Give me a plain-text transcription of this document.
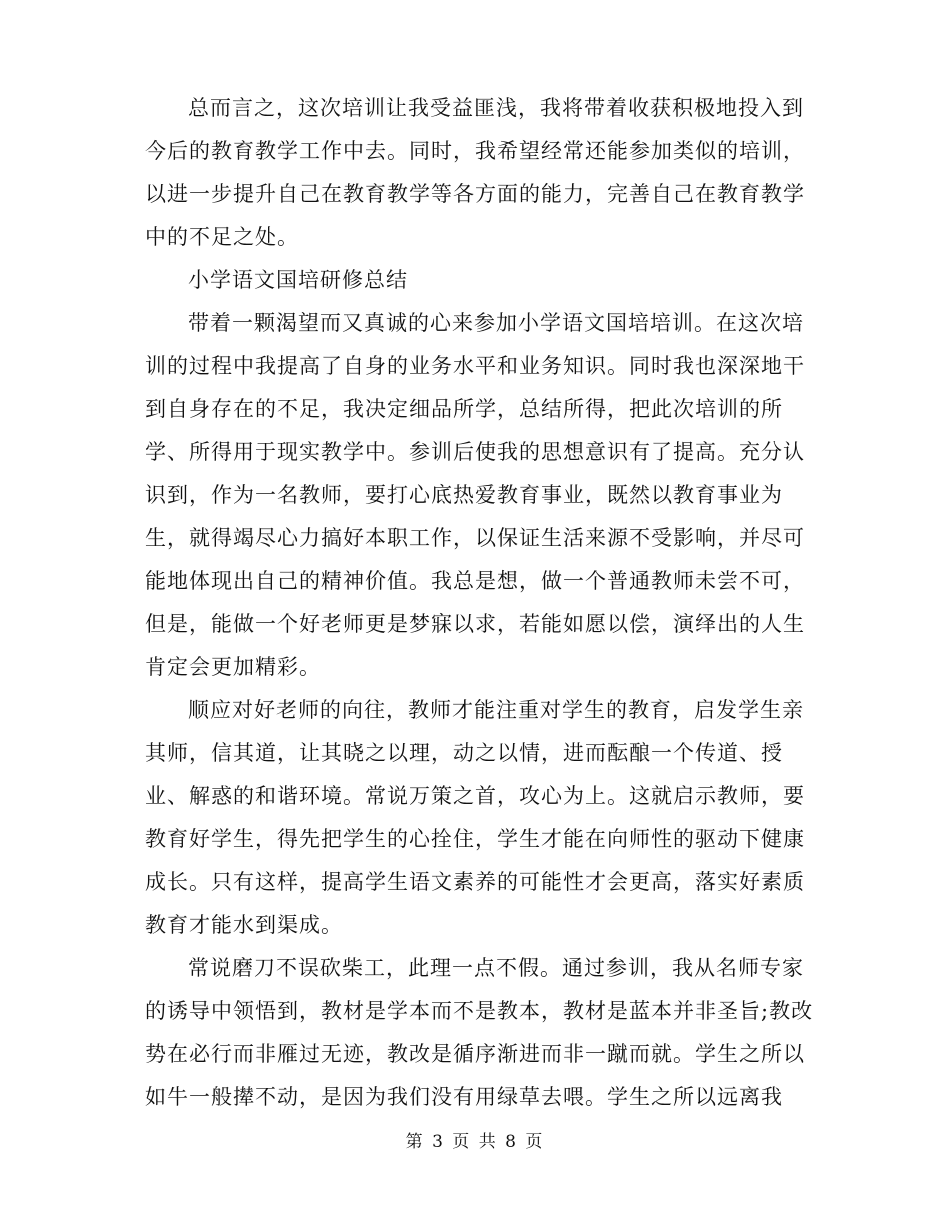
总而言之，这次培训让我受益匪浅，我将带着收获积极地投入到
今后的教育教学工作中去。同时，我希望经常还能参加类似的培训，
以进一步提升自己在教育教学等各方面的能力，完善自己在教育教学
中的不足之处。
小学语文国培研修总结
带着一颗渴望而又真诚的心来参加小学语文国培培训。在这次培
训的过程中我提高了自身的业务水平和业务知识。同时我也深深地干
到自身存在的不足，我决定细品所学，总结所得，把此次培训的所
学、所得用于现实教学中。参训后使我的思想意识有了提高。充分认
识到，作为一名教师，要打心底热爱教育事业，既然以教育事业为
生，就得竭尽心力搞好本职工作，以保证生活来源不受影响，并尽可
能地体现出自己的精神价值。我总是想，做一个普通教师未尝不可，
但是，能做一个好老师更是梦寐以求，若能如愿以偿，演绎出的人生
肯定会更加精彩。
顺应对好老师的向往，教师才能注重对学生的教育，启发学生亲
其师，信其道，让其晓之以理，动之以情，进而酝酿一个传道、授
业、解惑的和谐环境。常说万策之首，攻心为上。这就启示教师，要
教育好学生，得先把学生的心拴住，学生才能在向师性的驱动下健康
成长。只有这样，提高学生语文素养的可能性才会更高，落实好素质
教育才能水到渠成。
常说磨刀不误砍柴工，此理一点不假。通过参训，我从名师专家
的诱导中领悟到，教材是学本而不是教本，教材是蓝本并非圣旨;教改
势在必行而非雁过无迹，教改是循序渐进而非一蹴而就。学生之所以
如牛一般撵不动，是因为我们没有用绿草去喂。学生之所以远离我
第 3 页 共 8 页
